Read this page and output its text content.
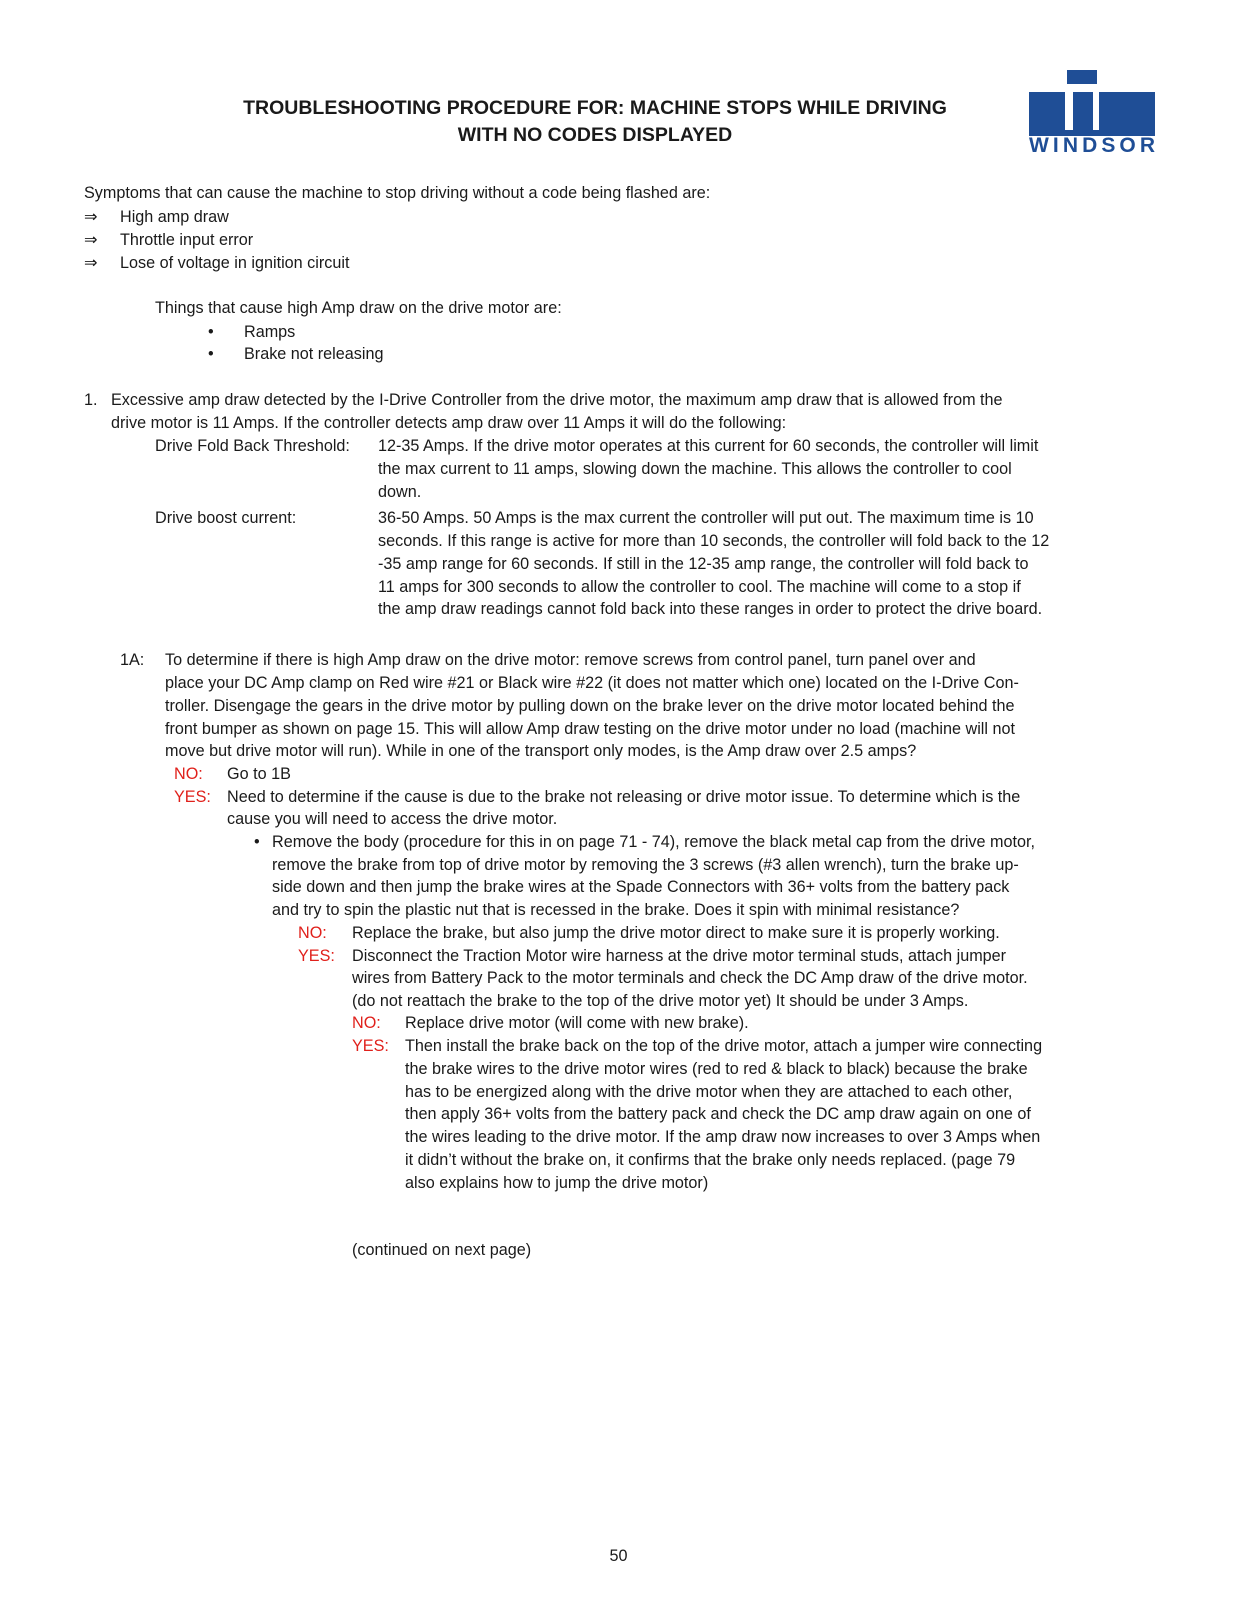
TROUBLESHOOTING PROCEDURE FOR: MACHINE STOPS WHILE DRIVING
WITH NO CODES DISPLAYED	WINDSOR
Symptoms that can cause the machine to stop driving without a code being flashed are:
⇒ High amp draw
⇒ Throttle input error
⇒ Lose of voltage in ignition circuit
Things that cause high Amp draw on the drive motor are:
• Ramps
• Brake not releasing
1. Excessive amp draw detected by the I-Drive Controller from the drive motor, the maximum amp draw that is allowed from the
drive motor is 11 Amps. If the controller detects amp draw over 11 Amps it will do the following:
Drive Fold Back Threshold: 12-35 Amps. If the drive motor operates at this current for 60 seconds, the controller will limit
the max current to 11 amps, slowing down the machine. This allows the controller to cool
down.
Drive boost current:	36-50 Amps. 50 Amps is the max current the controller will put out. The maximum time is 10
seconds. If this range is active for more than 10 seconds, the controller will fold back to the 12
-35 amp range for 60 seconds. If still in the 12-35 amp range, the controller will fold back to
11 amps for 300 seconds to allow the controller to cool. The machine will come to a stop if
the amp draw readings cannot fold back into these ranges in order to protect the drive board.
1A: To determine if there is high Amp draw on the drive motor: remove screws from control panel, turn panel over and
place your DC Amp clamp on Red wire #21 or Black wire #22 (it does not matter which one) located on the I-Drive Con-
troller. Disengage the gears in the drive motor by pulling down on the brake lever on the drive motor located behind the
front bumper as shown on page 15. This will allow Amp draw testing on the drive motor under no load (machine will not
move but drive motor will run). While in one of the transport only modes, is the Amp draw over 2.5 amps?
NO: Go to 1B
YES: Need to determine if the cause is due to the brake not releasing or drive motor issue. To determine which is the
cause you will need to access the drive motor.
• Remove the body (procedure for this in on page 71 - 74), remove the black metal cap from the drive motor,
remove the brake from top of drive motor by removing the 3 screws (#3 allen wrench), turn the brake up-
side down and then jump the brake wires at the Spade Connectors with 36+ volts from the battery pack
and try to spin the plastic nut that is recessed in the brake. Does it spin with minimal resistance?
NO: Replace the brake, but also jump the drive motor direct to make sure it is properly working.
YES: Disconnect the Traction Motor wire harness at the drive motor terminal studs, attach jumper
wires from Battery Pack to the motor terminals and check the DC Amp draw of the drive motor.
(do not reattach the brake to the top of the drive motor yet) It should be under 3 Amps.
NO: Replace drive motor (will come with new brake).
YES: Then install the brake back on the top of the drive motor, attach a jumper wire connecting
the brake wires to the drive motor wires (red to red & black to black) because the brake
has to be energized along with the drive motor when they are attached to each other,
then apply 36+ volts from the battery pack and check the DC amp draw again on one of
the wires leading to the drive motor. If the amp draw now increases to over 3 Amps when
it didn’t without the brake on, it confirms that the brake only needs replaced. (page 79
also explains how to jump the drive motor)
(continued on next page)
50
